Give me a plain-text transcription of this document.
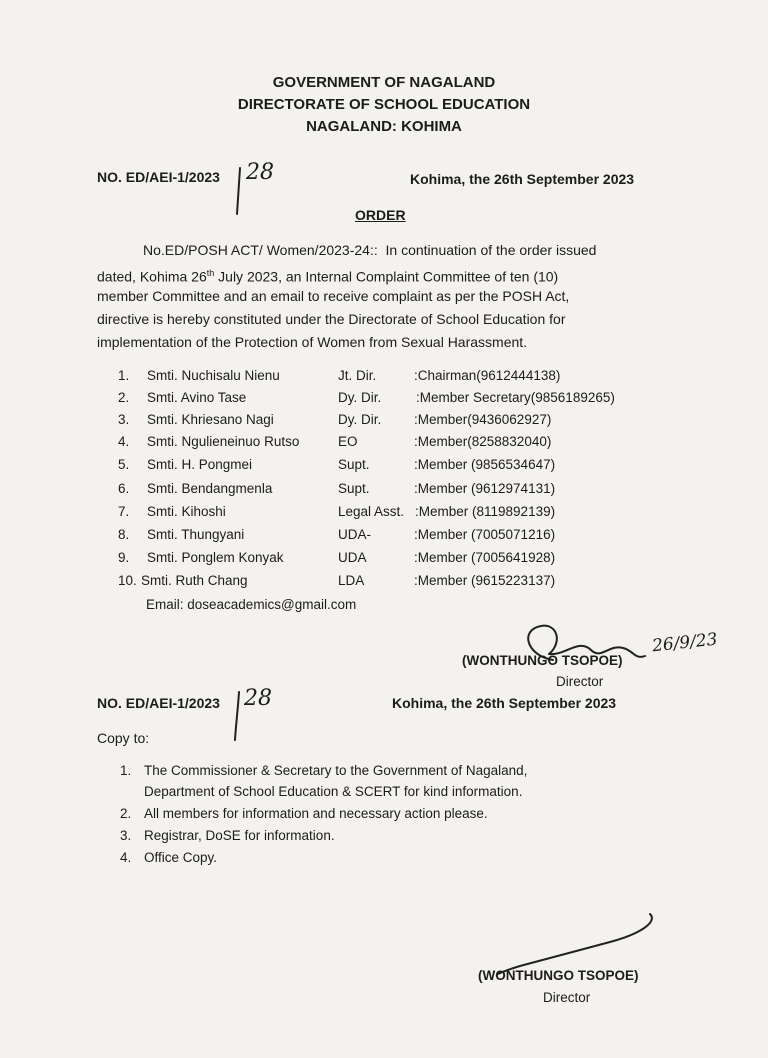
GOVERNMENT OF NAGALAND
DIRECTORATE OF SCHOOL EDUCATION
NAGALAND: KOHIMA
NO. ED/AEI-1/2023 28	Kohima, the 26th September 2023
ORDER
No.ED/POSH ACT/ Women/2023-24:: In continuation of the order issued
dated, Kohima 26th July 2023, an Internal Complaint Committee of ten (10)
member Committee and an email to receive complaint as per the POSH Act,
directive is hereby constituted under the Directorate of School Education for
implementation of the Protection of Women from Sexual Harassment.
1. Smti. Nuchisalu Nienu	Jt. Dir.	:Chairman(9612444138)
2. Smti. Avino Tase	Dy. Dir.	:Member Secretary(9856189265)
3. Smti. Khriesano Nagi	Dy. Dir. :Member(9436062927)
4. Smti. Ngulieneinuo Rutso	EO	:Member(8258832040)
5. Smti. H. Pongmei	Supt.	:Member (9856534647)
6. Smti. Bendangmenla	Supt.	:Member (9612974131)
7. Smti. Kihoshi	Legal Asst. :Member (8119892139)
8. Smti. Thungyani	UDA-	:Member (7005071216)
9. Smti. Ponglem Konyak	UDA	:Member (7005641928)
10. Smti. Ruth Chang	LDA	:Member (9615223137)
Email: doseacademics@gmail.com
(WONTHUNGO TSOPOE)
26/9/23
Director
NO. ED/AEI-1/2023 28	Kohima, the 26th September 2023
Copy to:
1. The Commissioner & Secretary to the Government of Nagaland,
Department of School Education & SCERT for kind information.
2. All members for information and necessary action please.
3. Registrar, DoSE for information.
4. Office Copy.
(WONTHUNGO TSOPOE)
Director
